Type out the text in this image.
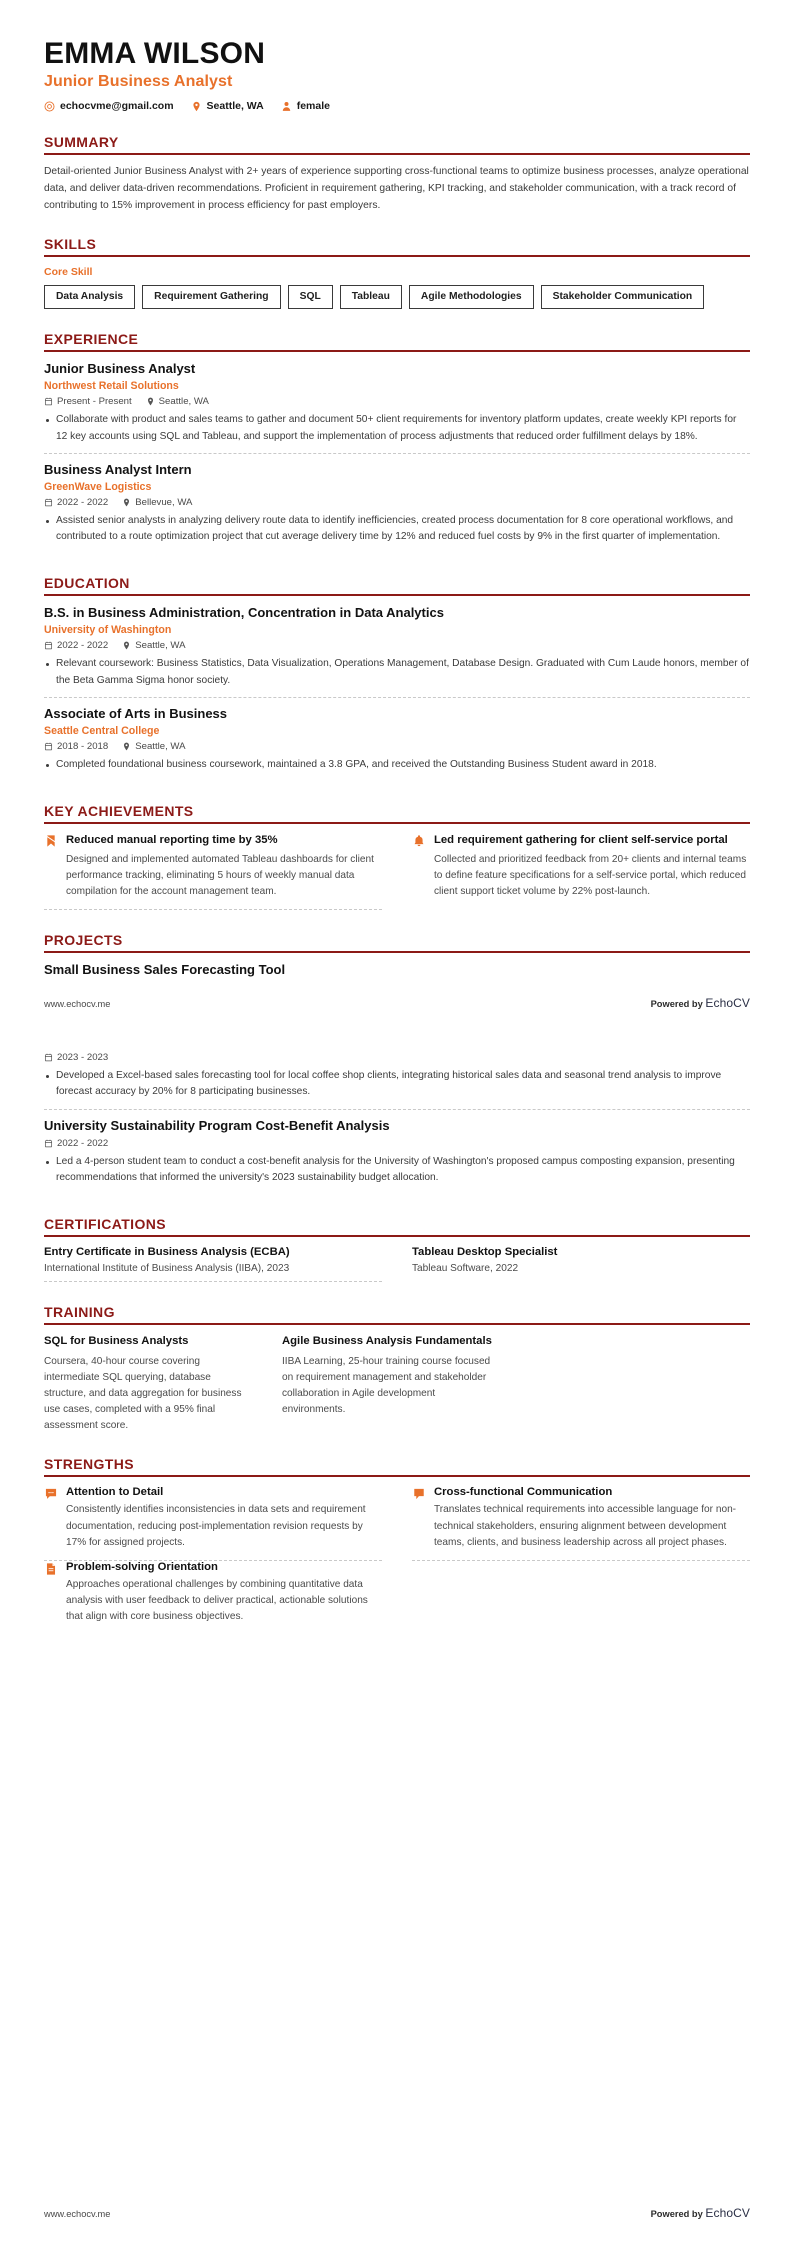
EMMA WILSON
Junior Business Analyst
echocvme@gmail.com	Seattle, WA	female
SUMMARY
Detail-oriented Junior Business Analyst with 2+ years of experience supporting cross-functional teams to optimize business processes, analyze operational data, and deliver data-driven recommendations. Proficient in requirement gathering, KPI tracking, and stakeholder communication, with a track record of contributing to 15% improvement in process efficiency for past employers.
SKILLS
Core Skill
Data Analysis	Requirement Gathering	SQL	Tableau	Agile Methodologies	Stakeholder Communication
EXPERIENCE
Junior Business Analyst
Northwest Retail Solutions
Present - Present	Seattle, WA
Collaborate with product and sales teams to gather and document 50+ client requirements for inventory platform updates, create weekly KPI reports for 12 key accounts using SQL and Tableau, and support the implementation of process adjustments that reduced order fulfillment delays by 18%.
Business Analyst Intern
GreenWave Logistics
2022 - 2022	Bellevue, WA
Assisted senior analysts in analyzing delivery route data to identify inefficiencies, created process documentation for 8 core operational workflows, and contributed to a route optimization project that cut average delivery time by 12% and reduced fuel costs by 9% in the first quarter of implementation.
EDUCATION
B.S. in Business Administration, Concentration in Data Analytics
University of Washington
2022 - 2022	Seattle, WA
Relevant coursework: Business Statistics, Data Visualization, Operations Management, Database Design. Graduated with Cum Laude honors, member of the Beta Gamma Sigma honor society.
Associate of Arts in Business
Seattle Central College
2018 - 2018	Seattle, WA
Completed foundational business coursework, maintained a 3.8 GPA, and received the Outstanding Business Student award in 2018.
KEY ACHIEVEMENTS
Reduced manual reporting time by 35%
Designed and implemented automated Tableau dashboards for client performance tracking, eliminating 5 hours of weekly manual data compilation for the account management team.
Led requirement gathering for client self-service portal
Collected and prioritized feedback from 20+ clients and internal teams to define feature specifications for a self-service portal, which reduced client support ticket volume by 22% post-launch.
PROJECTS
Small Business Sales Forecasting Tool
www.echocv.me	Powered by EchoCV
2023 - 2023
Developed a Excel-based sales forecasting tool for local coffee shop clients, integrating historical sales data and seasonal trend analysis to improve forecast accuracy by 20% for 8 participating businesses.
University Sustainability Program Cost-Benefit Analysis
2022 - 2022
Led a 4-person student team to conduct a cost-benefit analysis for the University of Washington's proposed campus composting expansion, presenting recommendations that informed the university's 2023 sustainability budget allocation.
CERTIFICATIONS
Entry Certificate in Business Analysis (ECBA)
International Institute of Business Analysis (IIBA), 2023
Tableau Desktop Specialist
Tableau Software, 2022
TRAINING
SQL for Business Analysts
Coursera, 40-hour course covering intermediate SQL querying, database structure, and data aggregation for business use cases, completed with a 95% final assessment score.
Agile Business Analysis Fundamentals
IIBA Learning, 25-hour training course focused on requirement management and stakeholder collaboration in Agile development environments.
STRENGTHS
Attention to Detail
Consistently identifies inconsistencies in data sets and requirement documentation, reducing post-implementation revision requests by 17% for assigned projects.
Cross-functional Communication
Translates technical requirements into accessible language for non-technical stakeholders, ensuring alignment between development teams, clients, and business leadership across all project phases.
Problem-solving Orientation
Approaches operational challenges by combining quantitative data analysis with user feedback to deliver practical, actionable solutions that align with core business objectives.
www.echocv.me	Powered by EchoCV
